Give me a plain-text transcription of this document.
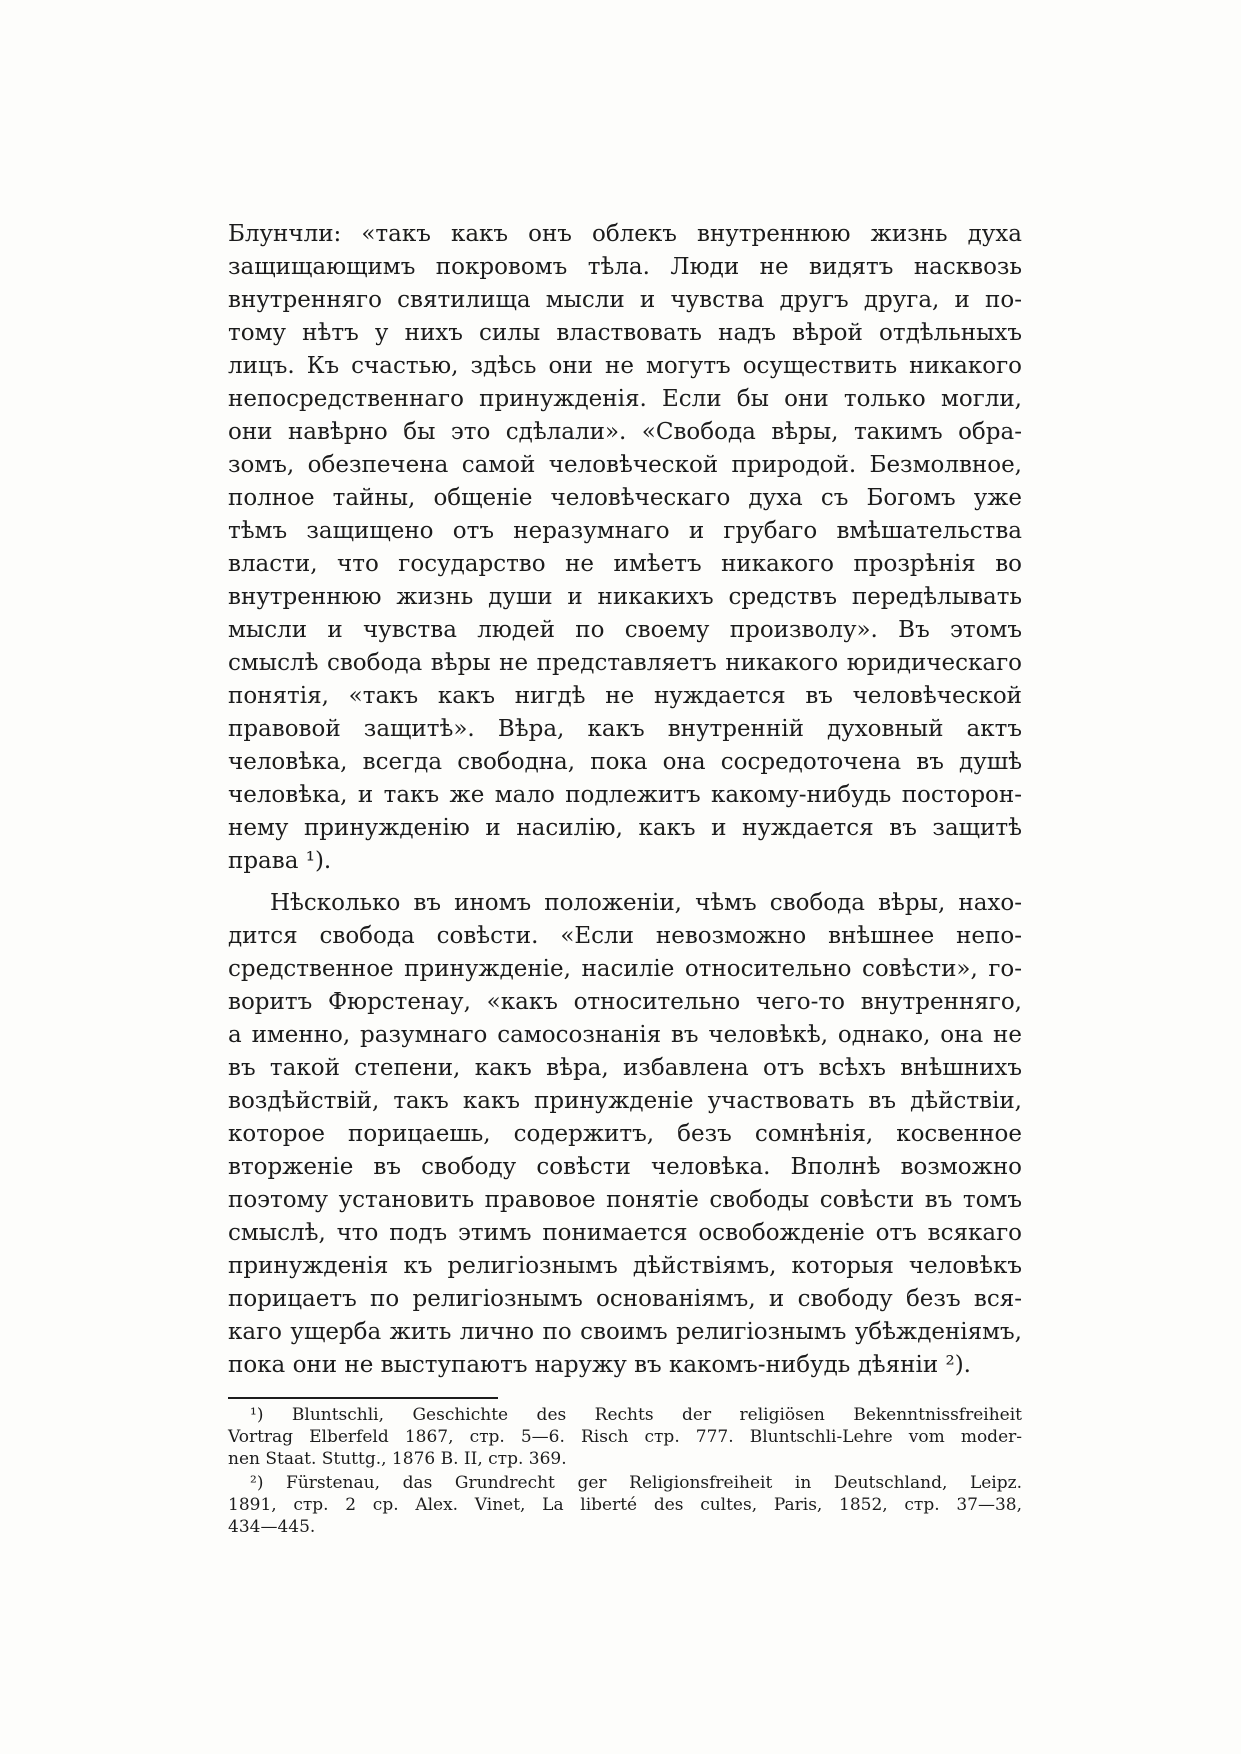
Блунчли: «такъ какъ онъ облекъ внутреннюю жизнь духа
защищающимъ покровомъ тѣла. Люди не видятъ насквозь
внутренняго святилища мысли и чувства другъ друга, и по-
тому нѣтъ у нихъ силы властвовать надъ вѣрой отдѣльныхъ
лицъ. Къ счастью, здѣсь они не могутъ осуществить никакого
непосредственнаго принужденія. Если бы они только могли,
они навѣрно бы это сдѣлали». «Свобода вѣры, такимъ обра-
зомъ, обезпечена самой человѣческой природой. Безмолвное,
полное тайны, общеніе человѣческаго духа съ Богомъ уже
тѣмъ защищено отъ неразумнаго и грубаго вмѣшательства
власти, что государство не имѣетъ никакого прозрѣнія во
внутреннюю жизнь души и никакихъ средствъ передѣлывать
мысли и чувства людей по своему произволу». Въ этомъ
смыслѣ свобода вѣры не представляетъ никакого юридическаго
понятія, «такъ какъ нигдѣ не нуждается въ человѣческой
правовой защитѣ». Вѣра, какъ внутренній духовный актъ
человѣка, всегда свободна, пока она сосредоточена въ душѣ
человѣка, и такъ же мало подлежитъ какому-нибудь посторон-
нему принужденію и насилію, какъ и нуждается въ защитѣ
права ¹).

Нѣсколько въ иномъ положеніи, чѣмъ свобода вѣры, нахо-
дится свобода совѣсти. «Если невозможно внѣшнее непо-
средственное принужденіе, насиліе относительно совѣсти», го-
воритъ Фюрстенау, «какъ относительно чего-то внутренняго,
а именно, разумнаго самосознанія въ человѣкѣ, однако, она не
въ такой степени, какъ вѣра, избавлена отъ всѣхъ внѣшнихъ
воздѣйствій, такъ какъ принужденіе участвовать въ дѣйствіи,
которое порицаешь, содержитъ, безъ сомнѣнія, косвенное
вторженіе въ свободу совѣсти человѣка. Вполнѣ возможно
поэтому установить правовое понятіе свободы совѣсти въ томъ
смыслѣ, что подъ этимъ понимается освобожденіе отъ всякаго
принужденія къ религіознымъ дѣйствіямъ, которыя человѣкъ
порицаетъ по религіознымъ основаніямъ, и свободу безъ вся-
каго ущерба жить лично по своимъ религіознымъ убѣжденіямъ,
пока они не выступаютъ наружу въ какомъ-нибудь дѣяніи ²).

¹) Bluntschli, Geschichte des Rechts der religiösen Bekenntnissfreiheit
Vortrag Elberfeld 1867, стр. 5—6. Risch стр. 777. Bluntschli-Lehre vom moder-
nen Staat. Stuttg., 1876 B. II, стр. 369.

²) Fürstenau, das Grundrecht ger Religionsfreiheit in Deutschland, Leipz.
1891, стр. 2 ср. Alex. Vinet, La liberté des cultes, Paris, 1852, стр. 37—38,
434—445.
